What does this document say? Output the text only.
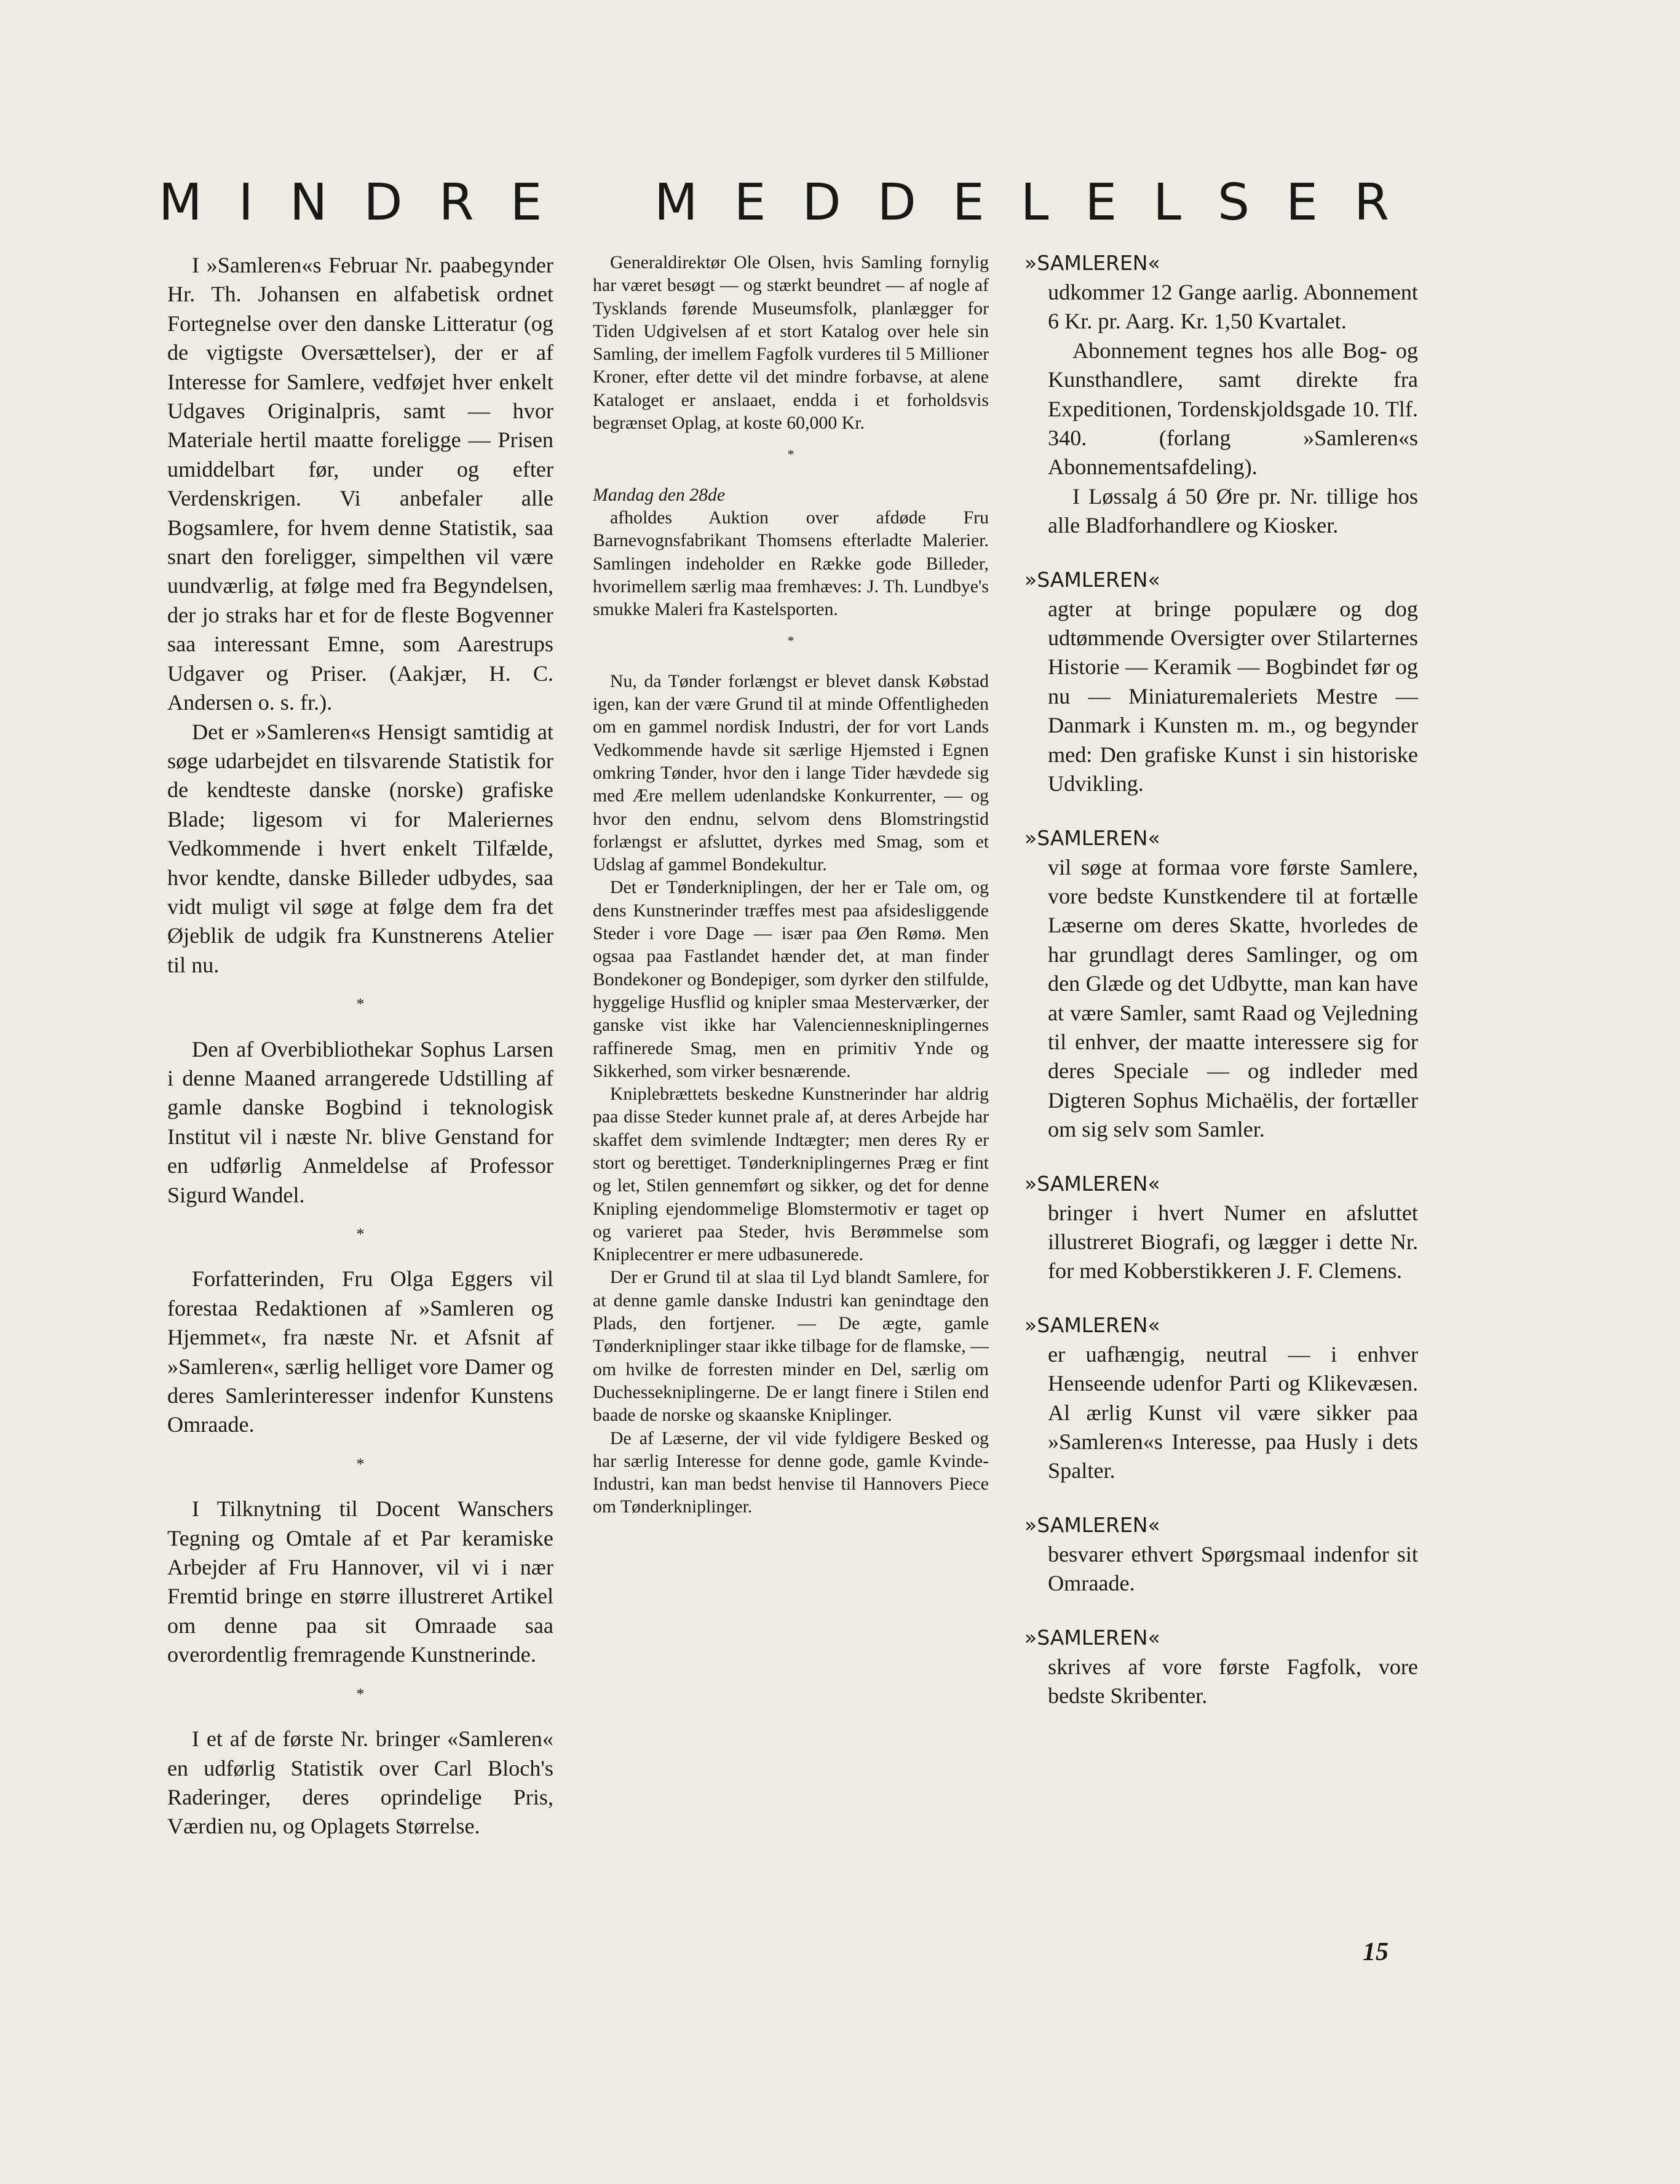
MINDRE MEDDELELSER

I »Samleren«s Februar Nr. paabegynder Hr. Th. Johansen en alfabetisk ordnet Fortegnelse over den danske Litteratur (og de vigtigste Oversættelser), der er af Interesse for Samlere, vedføjet hver enkelt Udgaves Originalpris, samt — hvor Materiale hertil maatte foreligge — Prisen umiddelbart før, under og efter Verdenskrigen. Vi anbefaler alle Bogsamlere, for hvem denne Statistik, saa snart den foreligger, simpelthen vil være uundværlig, at følge med fra Begyndelsen, der jo straks har et for de fleste Bogvenner saa interessant Emne, som Aarestrups Udgaver og Priser. (Aakjær, H. C. Andersen o. s. fr.).

Det er »Samleren«s Hensigt samtidig at søge udarbejdet en tilsvarende Statistik for de kendteste danske (norske) grafiske Blade; ligesom vi for Maleriernes Vedkommende i hvert enkelt Tilfælde, hvor kendte, danske Billeder udbydes, saa vidt muligt vil søge at følge dem fra det Øjeblik de udgik fra Kunstnerens Atelier til nu.

*

Den af Overbibliothekar Sophus Larsen i denne Maaned arrangerede Udstilling af gamle danske Bogbind i teknologisk Institut vil i næste Nr. blive Genstand for en udførlig Anmeldelse af Professor Sigurd Wandel.

*

Forfatterinden, Fru Olga Eggers vil forestaa Redaktionen af »Samleren og Hjemmet«, fra næste Nr. et Afsnit af »Samleren«, særlig helliget vore Damer og deres Samlerinteresser indenfor Kunstens Omraade.

*

I Tilknytning til Docent Wanschers Tegning og Omtale af et Par keramiske Arbejder af Fru Hannover, vil vi i nær Fremtid bringe en større illustreret Artikel om denne paa sit Omraade saa overordentlig fremragende Kunstnerinde.

*

I et af de første Nr. bringer «Samleren« en udførlig Statistik over Carl Bloch's Raderinger, deres oprindelige Pris, Værdien nu, og Oplagets Størrelse.

Generaldirektør Ole Olsen, hvis Samling fornylig har været besøgt — og stærkt beundret — af nogle af Tysklands førende Museumsfolk, planlægger for Tiden Udgivelsen af et stort Katalog over hele sin Samling, der imellem Fagfolk vurderes til 5 Millioner Kroner, efter dette vil det mindre forbavse, at alene Kataloget er anslaaet, endda i et forholdsvis begrænset Oplag, at koste 60,000 Kr.

*

Mandag den 28de

afholdes Auktion over afdøde Fru Barnevognsfabrikant Thomsens efterladte Malerier. Samlingen indeholder en Række gode Billeder, hvorimellem særlig maa fremhæves: J. Th. Lundbye's smukke Maleri fra Kastelsporten.

*

Nu, da Tønder forlængst er blevet dansk Købstad igen, kan der være Grund til at minde Offentligheden om en gammel nordisk Industri, der for vort Lands Vedkommende havde sit særlige Hjemsted i Egnen omkring Tønder, hvor den i lange Tider hævdede sig med Ære mellem udenlandske Konkurrenter, — og hvor den endnu, selvom dens Blomstringstid forlængst er afsluttet, dyrkes med Smag, som et Udslag af gammel Bondekultur.

Det er Tønderkniplingen, der her er Tale om, og dens Kunstnerinder træffes mest paa afsidesliggende Steder i vore Dage — især paa Øen Rømø. Men ogsaa paa Fastlandet hænder det, at man finder Bondekoner og Bondepiger, som dyrker den stilfulde, hyggelige Husflid og knipler smaa Mesterværker, der ganske vist ikke har Valencienneskniplingernes raffinerede Smag, men en primitiv Ynde og Sikkerhed, som virker besnærende.

Kniplebrættets beskedne Kunstnerinder har aldrig paa disse Steder kunnet prale af, at deres Arbejde har skaffet dem svimlende Indtægter; men deres Ry er stort og berettiget. Tønderkniplingernes Præg er fint og let, Stilen gennemført og sikker, og det for denne Knipling ejendommelige Blomstermotiv er taget op og varieret paa Steder, hvis Berømmelse som Kniplecentrer er mere udbasunerede.

Der er Grund til at slaa til Lyd blandt Samlere, for at denne gamle danske Industri kan genindtage den Plads, den fortjener. — De ægte, gamle Tønderkniplinger staar ikke tilbage for de flamske, — om hvilke de forresten minder en Del, særlig om Duchessekniplingerne. De er langt finere i Stilen end baade de norske og skaanske Kniplinger.

De af Læserne, der vil vide fyldigere Besked og har særlig Interesse for denne gode, gamle Kvinde-Industri, kan man bedst henvise til Hannovers Piece om Tønderkniplinger.

»SAMLEREN«

udkommer 12 Gange aarlig. Abonnement 6 Kr. pr. Aarg. Kr. 1,50 Kvartalet.

Abonnement tegnes hos alle Bog- og Kunsthandlere, samt direkte fra Expeditionen, Tordenskjoldsgade 10. Tlf. 340. (forlang »Samleren«s Abonnementsafdeling).

I Løssalg á 50 Øre pr. Nr. tillige hos alle Bladforhandlere og Kiosker.

»SAMLEREN«

agter at bringe populære og dog udtømmende Oversigter over Stilarternes Historie — Keramik — Bogbindet før og nu — Miniaturemaleriets Mestre — Danmark i Kunsten m. m., og begynder med: Den grafiske Kunst i sin historiske Udvikling.

»SAMLEREN«

vil søge at formaa vore første Samlere, vore bedste Kunstkendere til at fortælle Læserne om deres Skatte, hvorledes de har grundlagt deres Samlinger, og om den Glæde og det Udbytte, man kan have at være Samler, samt Raad og Vejledning til enhver, der maatte interessere sig for deres Speciale — og indleder med Digteren Sophus Michaëlis, der fortæller om sig selv som Samler.

»SAMLEREN«

bringer i hvert Numer en afsluttet illustreret Biografi, og lægger i dette Nr. for med Kobberstikkeren J. F. Clemens.

»SAMLEREN«

er uafhængig, neutral — i enhver Henseende udenfor Parti og Klikevæsen. Al ærlig Kunst vil være sikker paa »Samleren«s Interesse, paa Husly i dets Spalter.

»SAMLEREN«

besvarer ethvert Spørgsmaal indenfor sit Omraade.

»SAMLEREN«

skrives af vore første Fagfolk, vore bedste Skribenter.

15
